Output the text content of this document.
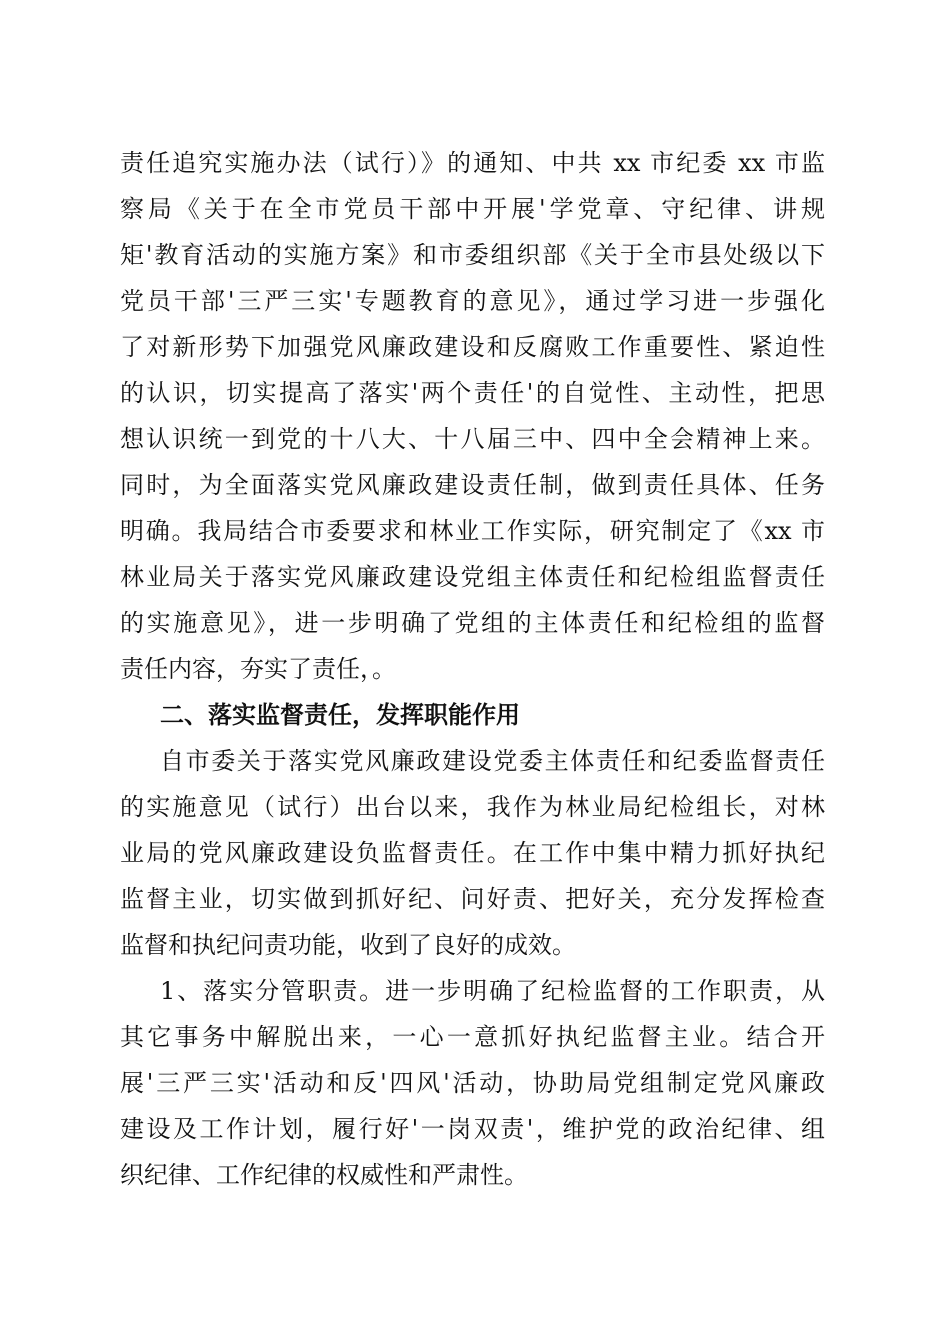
责任追究实施办法（试行）》的通知、中共 xx 市纪委 xx 市监
察局《关于在全市党员干部中开展'学党章、守纪律、讲规
矩'教育活动的实施方案》和市委组织部《关于全市县处级以下
党员干部'三严三实'专题教育的意见》，通过学习进一步强化
了对新形势下加强党风廉政建设和反腐败工作重要性、紧迫性
的认识，切实提高了落实'两个责任'的自觉性、主动性，把思
想认识统一到党的十八大、十八届三中、四中全会精神上来。
同时，为全面落实党风廉政建设责任制，做到责任具体、任务
明确。我局结合市委要求和林业工作实际，研究制定了《xx 市
林业局关于落实党风廉政建设党组主体责任和纪检组监督责任
的实施意见》，进一步明确了党组的主体责任和纪检组的监督
责任内容，夯实了责任，。
二、落实监督责任，发挥职能作用
自市委关于落实党风廉政建设党委主体责任和纪委监督责任
的实施意见（试行）出台以来，我作为林业局纪检组长，对林
业局的党风廉政建设负监督责任。在工作中集中精力抓好执纪
监督主业，切实做到抓好纪、问好责、把好关，充分发挥检查
监督和执纪问责功能，收到了良好的成效。
1、落实分管职责。进一步明确了纪检监督的工作职责，从
其它事务中解脱出来，一心一意抓好执纪监督主业。结合开
展'三严三实'活动和反'四风'活动，协助局党组制定党风廉政
建设及工作计划，履行好'一岗双责'，维护党的政治纪律、组
织纪律、工作纪律的权威性和严肃性。
